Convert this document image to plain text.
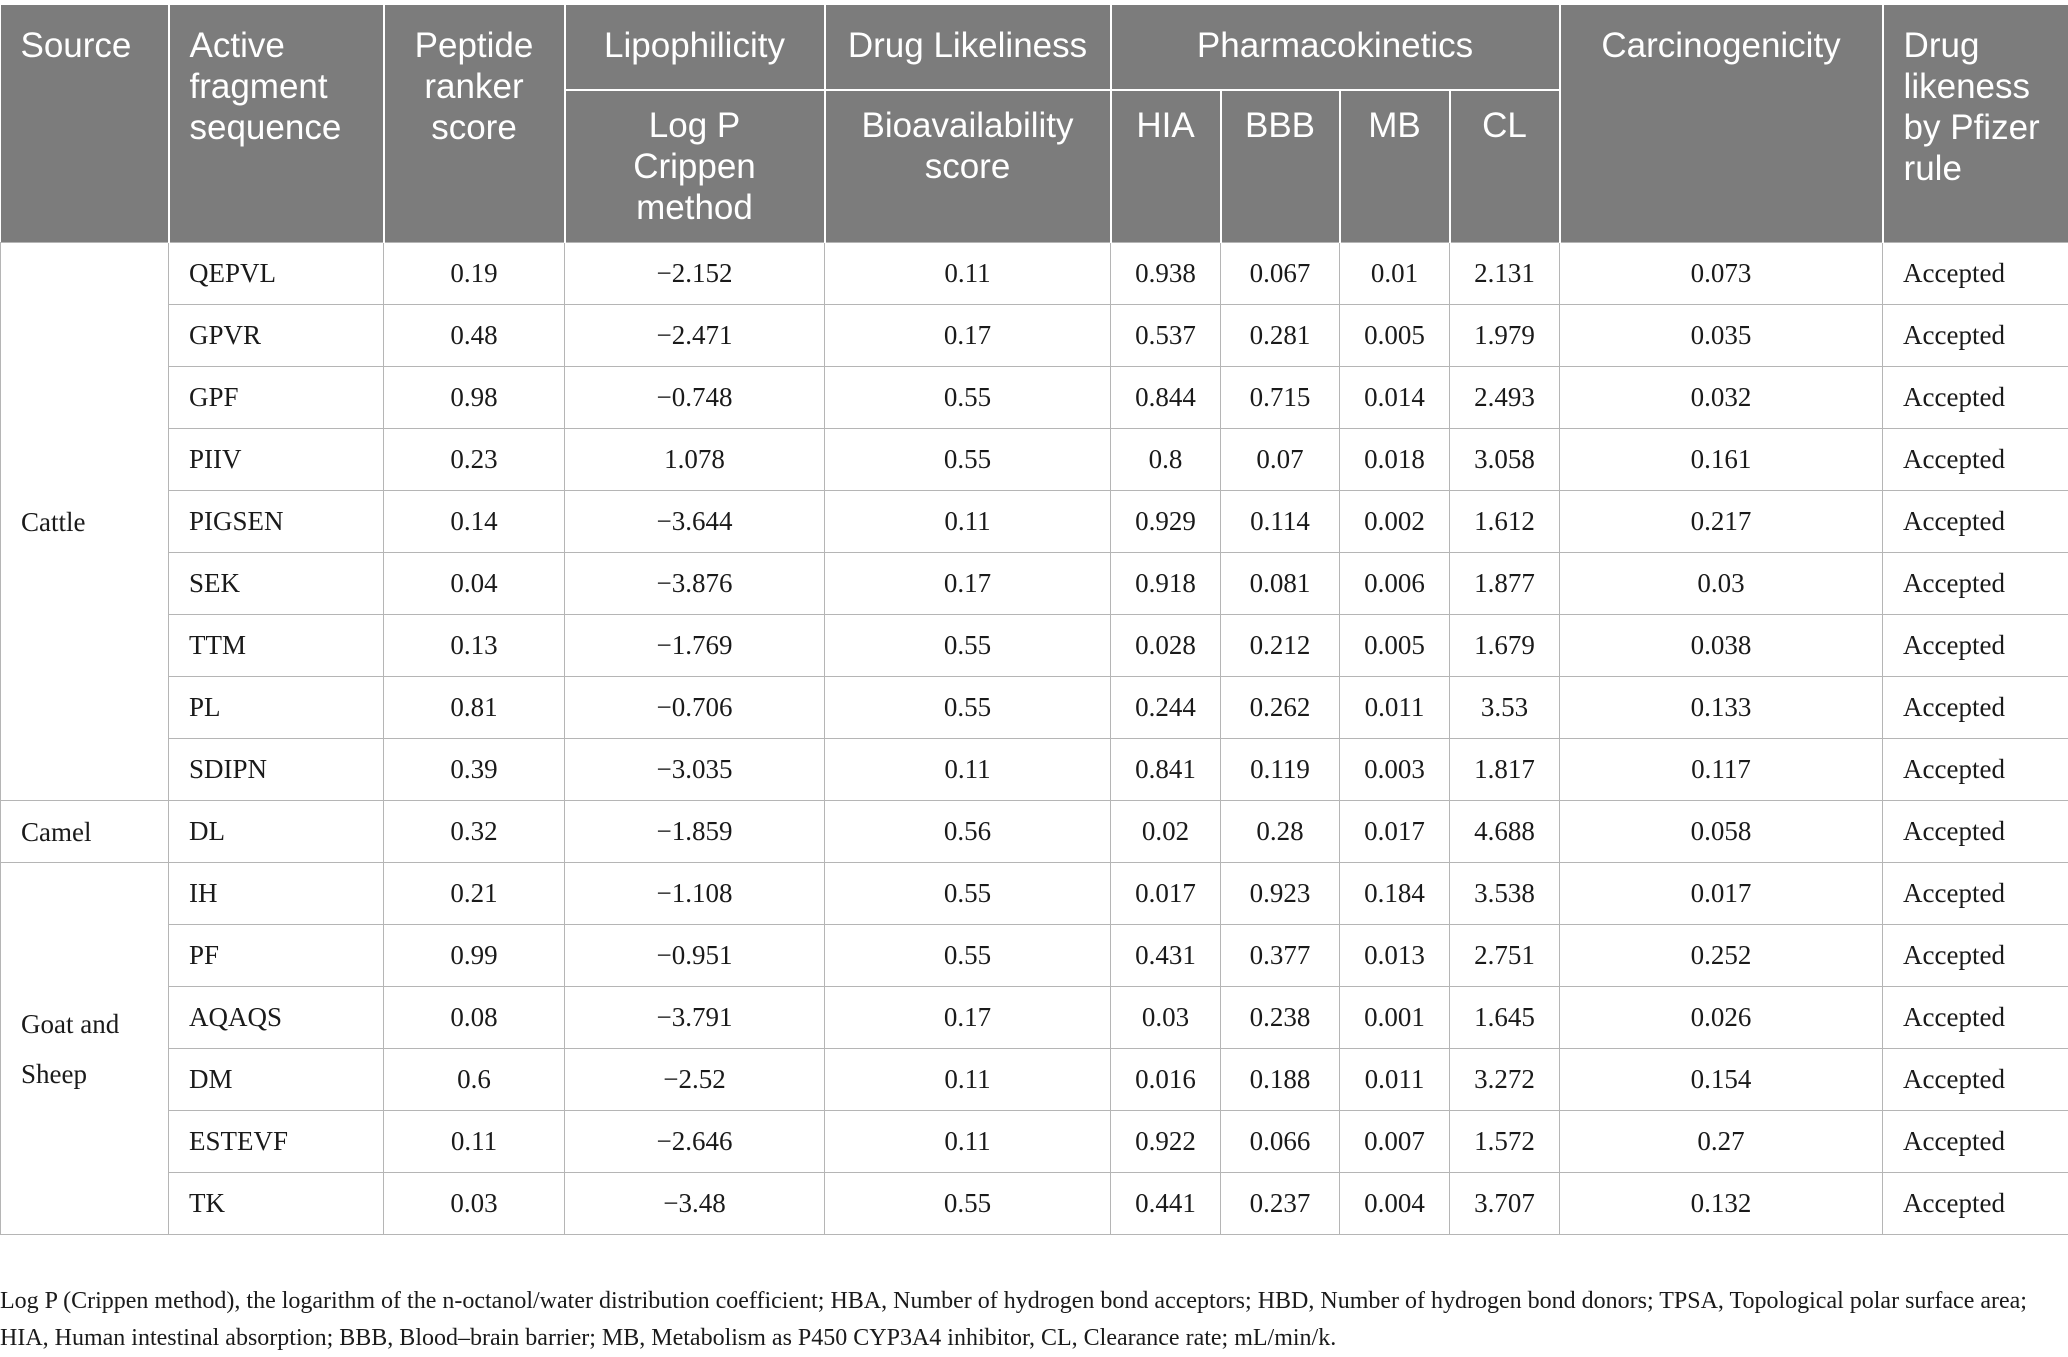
Source	Active fragment sequence	Peptide ranker score	Lipophilicity	Drug Likeliness	Pharmacokinetics				Carcinogenicity	Drug likeness by Pfizer rule
			Log P Crippen method	Bioavailability score	HIA	BBB	MB	CL		
Cattle	QEPVL	0.19	−2.152	0.11	0.938	0.067	0.01	2.131	0.073	Accepted
	GPVR	0.48	−2.471	0.17	0.537	0.281	0.005	1.979	0.035	Accepted
	GPF	0.98	−0.748	0.55	0.844	0.715	0.014	2.493	0.032	Accepted
	PIIV	0.23	1.078	0.55	0.8	0.07	0.018	3.058	0.161	Accepted
	PIGSEN	0.14	−3.644	0.11	0.929	0.114	0.002	1.612	0.217	Accepted
	SEK	0.04	−3.876	0.17	0.918	0.081	0.006	1.877	0.03	Accepted
	TTM	0.13	−1.769	0.55	0.028	0.212	0.005	1.679	0.038	Accepted
	PL	0.81	−0.706	0.55	0.244	0.262	0.011	3.53	0.133	Accepted
	SDIPN	0.39	−3.035	0.11	0.841	0.119	0.003	1.817	0.117	Accepted
Camel	DL	0.32	−1.859	0.56	0.02	0.28	0.017	4.688	0.058	Accepted
Goat and Sheep	IH	0.21	−1.108	0.55	0.017	0.923	0.184	3.538	0.017	Accepted
	PF	0.99	−0.951	0.55	0.431	0.377	0.013	2.751	0.252	Accepted
	AQAQS	0.08	−3.791	0.17	0.03	0.238	0.001	1.645	0.026	Accepted
	DM	0.6	−2.52	0.11	0.016	0.188	0.011	3.272	0.154	Accepted
	ESTEVF	0.11	−2.646	0.11	0.922	0.066	0.007	1.572	0.27	Accepted
	TK	0.03	−3.48	0.55	0.441	0.237	0.004	3.707	0.132	Accepted
Log P (Crippen method), the logarithm of the n-octanol/water distribution coefficient; HBA, Number of hydrogen bond acceptors; HBD, Number of hydrogen bond donors; TPSA, Topological polar surface area; HIA, Human intestinal absorption; BBB, Blood–brain barrier; MB, Metabolism as P450 CYP3A4 inhibitor, CL, Clearance rate; mL/min/k.
